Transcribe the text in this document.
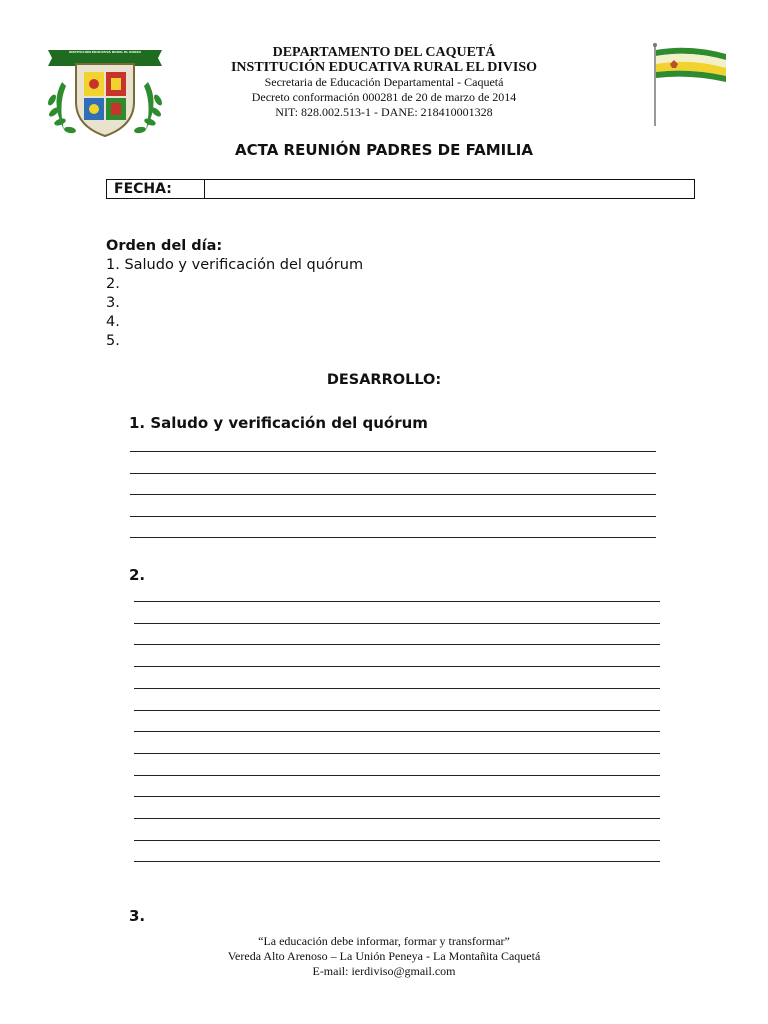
INSTITUCIÓN EDUCATIVA RURAL EL DIVISO	DEPARTAMENTO DEL CAQUETÁ
INSTITUCIÓN EDUCATIVA RURAL EL DIVISO
Secretaria de Educación Departamental - Caquetá
Decreto conformación 000281 de 20 de marzo de 2014
NIT: 828.002.513-1 - DANE: 218410001328
ACTA REUNIÓN PADRES DE FAMILIA
FECHA:
Orden del día:
1. Saludo y verificación del quórum
2.
3.
4.
5.
DESARROLLO:
1. Saludo y verificación del quórum
2.
3.
“La educación debe informar, formar y transformar”
Vereda Alto Arenoso – La Unión Peneya - La Montañita Caquetá
E-mail: ierdiviso@gmail.com
